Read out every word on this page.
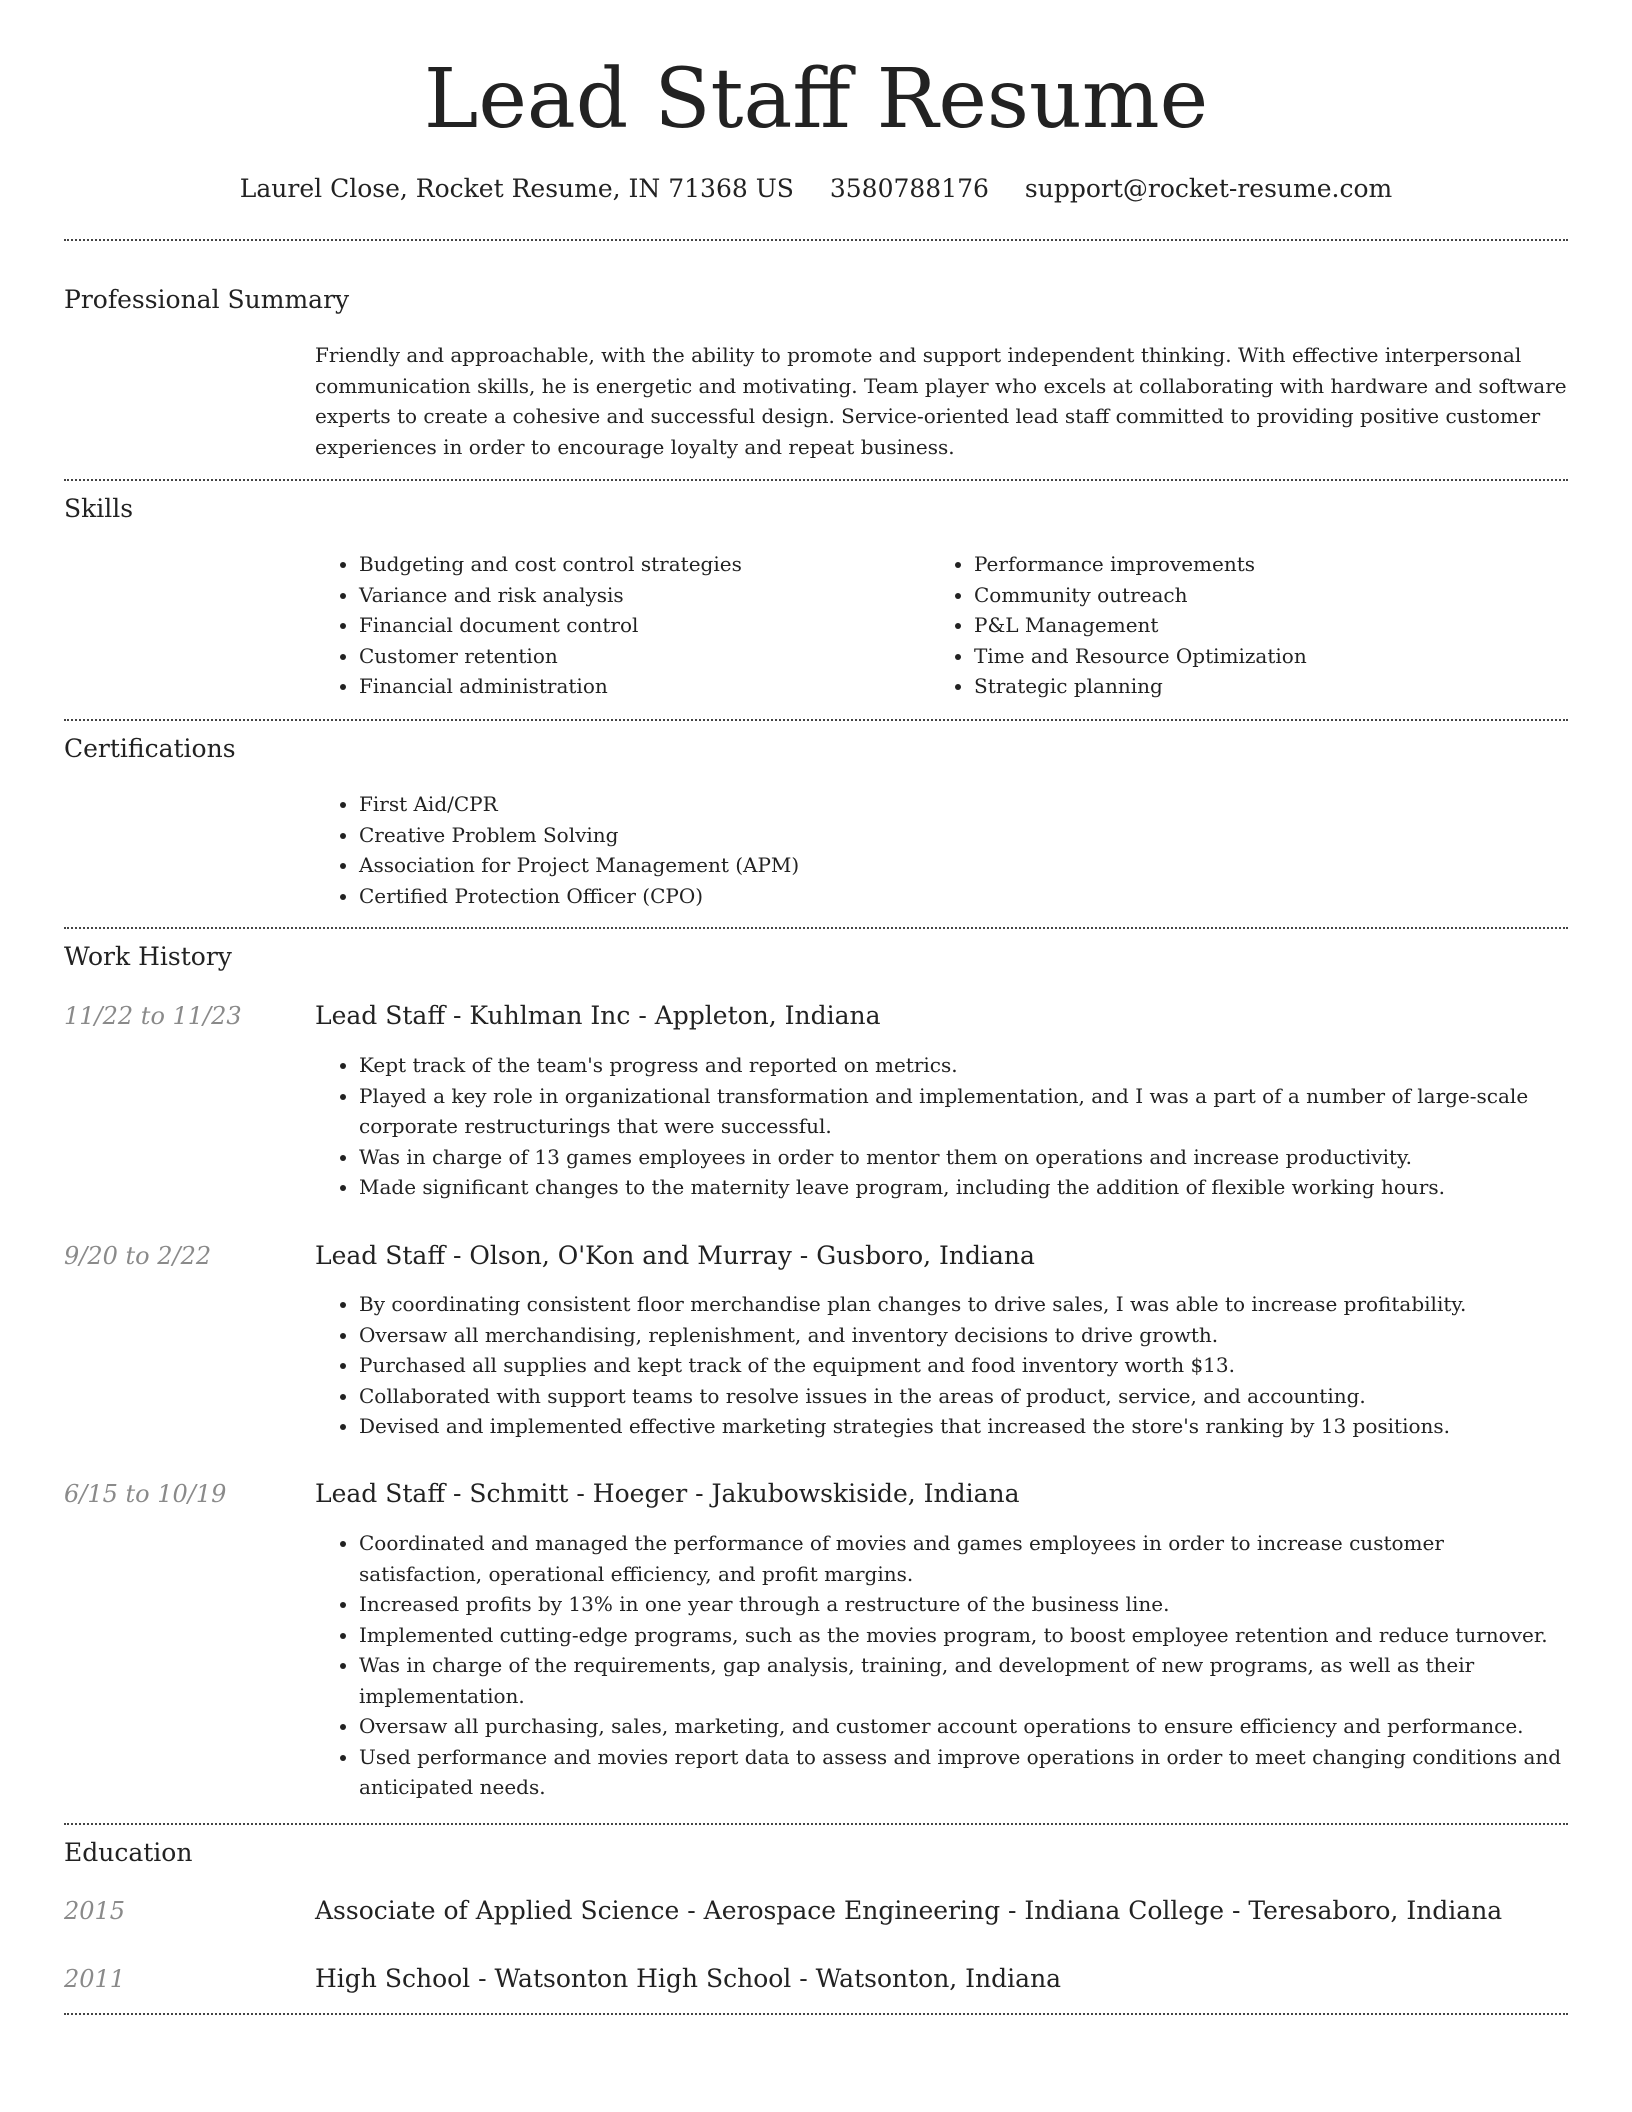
Lead Staff Resume
Laurel Close, Rocket Resume, IN 71368 US 3580788176 support@rocket-resume.com
Professional Summary

Friendly and approachable, with the ability to promote and support independent thinking. With effective interpersonal communication skills, he is energetic and motivating. Team player who excels at collaborating with hardware and software experts to create a cohesive and successful design. Service-oriented lead staff committed to providing positive customer experiences in order to encourage loyalty and repeat business.

Skills
• Budgeting and cost control strategies
• Variance and risk analysis
• Financial document control
• Customer retention
• Financial administration
• Performance improvements
• Community outreach
• P&L Management
• Time and Resource Optimization
• Strategic planning
Certifications
• First Aid/CPR
• Creative Problem Solving
• Association for Project Management (APM)
• Certified Protection Officer (CPO)
Work History
11/22 to 11/23	Lead Staff - Kuhlman Inc - Appleton, Indiana
• Kept track of the team's progress and reported on metrics.
• Played a key role in organizational transformation and implementation, and I was a part of a number of large-scale corporate restructurings that were successful.
• Was in charge of 13 games employees in order to mentor them on operations and increase productivity.
• Made significant changes to the maternity leave program, including the addition of flexible working hours.
9/20 to 2/22	Lead Staff - Olson, O'Kon and Murray - Gusboro, Indiana
• By coordinating consistent floor merchandise plan changes to drive sales, I was able to increase profitability.
• Oversaw all merchandising, replenishment, and inventory decisions to drive growth.
• Purchased all supplies and kept track of the equipment and food inventory worth $13.
• Collaborated with support teams to resolve issues in the areas of product, service, and accounting.
• Devised and implemented effective marketing strategies that increased the store's ranking by 13 positions.
6/15 to 10/19	Lead Staff - Schmitt - Hoeger - Jakubowskiside, Indiana
• Coordinated and managed the performance of movies and games employees in order to increase customer satisfaction, operational efficiency, and profit margins.
• Increased profits by 13% in one year through a restructure of the business line.
• Implemented cutting-edge programs, such as the movies program, to boost employee retention and reduce turnover.
• Was in charge of the requirements, gap analysis, training, and development of new programs, as well as their implementation.
• Oversaw all purchasing, sales, marketing, and customer account operations to ensure efficiency and performance.
• Used performance and movies report data to assess and improve operations in order to meet changing conditions and anticipated needs.
Education
2015	Associate of Applied Science - Aerospace Engineering - Indiana College - Teresaboro, Indiana
2011	High School - Watsonton High School - Watsonton, Indiana
